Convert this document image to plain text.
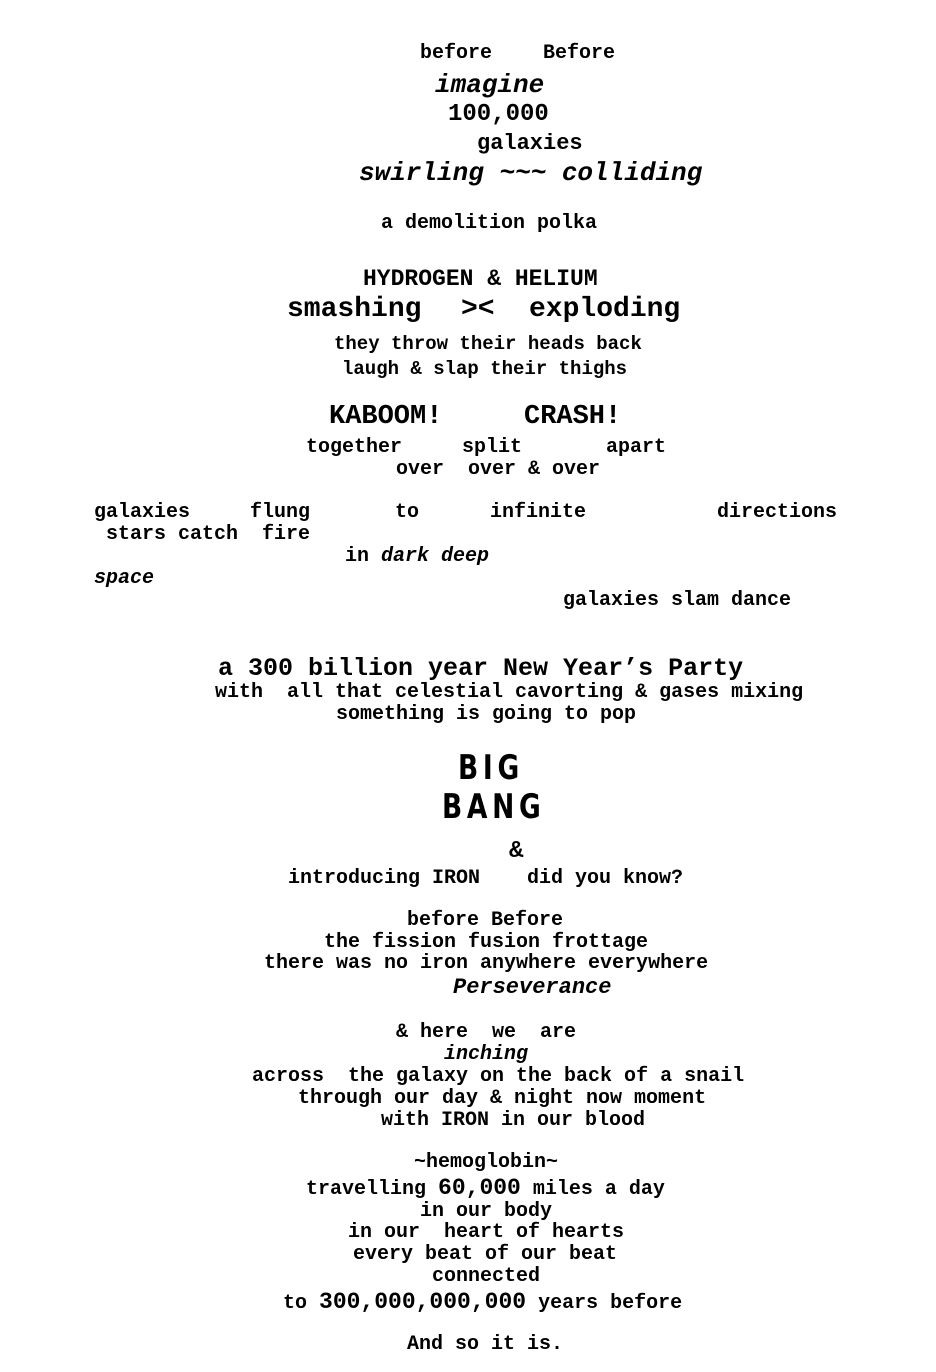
before	Before
imagine
100,000
galaxies
swirling ~~~ colliding
a demolition polka
HYDROGEN & HELIUM
smashing >< exploding
they throw their heads back
laugh & slap their thighs
KABOOM!	CRASH!
together	split	apart
over  over & over
galaxies	flung	to	infinite	directions
stars catch  fire
in dark deep
space
galaxies slam dance
a 300 billion year New Year’s Party
with  all that celestial cavorting & gases mixing
something is going to pop
BIG
BANG
&
introducing IRON did you know?
before Before
the fission fusion frottage
there was no iron anywhere everywhere
Perseverance
& here  we  are
inching
across  the galaxy on the back of a snail
through our day & night now moment
with IRON in our blood
~hemoglobin~
travelling 60,000 miles a day
in our body
in our  heart of hearts
every beat of our beat
connected
to 300,000,000,000 years before
And so it is.
